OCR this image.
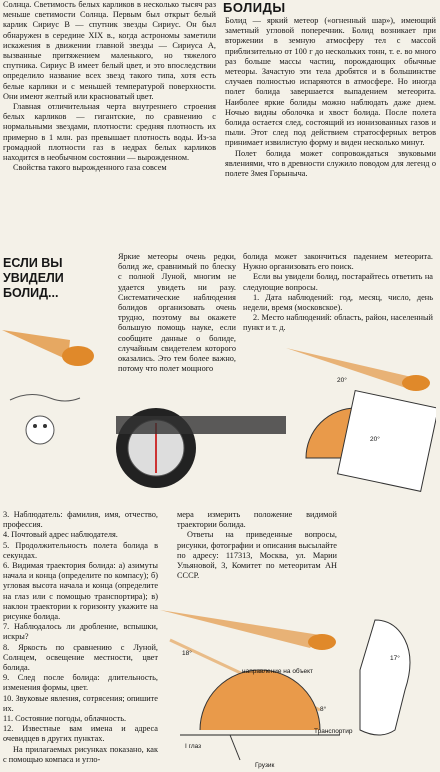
БОЛИДЫ

Солнца. Светимость белых карликов в несколько тысяч раз меньше светимости Солнца. Первым был открыт белый карлик Сириус В — спутник звезды Сириус. Он был обнаружен в середине XIX в., когда астрономы заметили искажения в движении главной звезды — Сириуса А, вызванные притяжением маленького, но тяжелого спутника. Сириус В имеет белый цвет, и это впоследствии определило название всех звезд такого типа, хотя есть белые карлики и с меньшей температурой поверхности. Они имеют желтый или красноватый цвет.

Главная отличительная черта внутреннего строения белых карликов — гигантские, по сравнению с нормальными звездами, плотности: средняя плотность их примерно в 1 млн. раз превышает плотность воды. Из-за громадной плотности газ в недрах белых карликов находится в необычном состоянии — вырожденном.

Свойства такого вырожденного газа совсем

Болид — яркий метеор («огненный шар»), имеющий заметный угловой поперечник. Болид возникает при вторжении в земную атмосферу тел с массой приблизительно от 100 г до нескольких тонн, т. е. во много раз больше массы частиц, порождающих обычные метеоры. Зачастую эти тела дробятся и в большинстве случаев полностью испаряются в атмосфере. Но иногда полет болида завершается выпадением метеорита. Наиболее яркие болиды можно наблюдать даже днем. Ночью видны оболочка и хвост болида. После полета болида остается след, состоящий из ионизованных газов и пыли. Этот след под действием стратосферных ветров принимает извилистую форму и виден несколько минут.

Полет болида может сопровождаться звуковыми явлениями, что в древности служило поводом для легенд о полете Змея Горыныча.

ЕСЛИ ВЫ
УВИДЕЛИ
БОЛИД...

Яркие метеоры очень редки, болид же, сравнимый по блеску с полной Луной, многим не удается увидеть ни разу. Систематические наблюдения болидов организовать очень трудно, поэтому вы окажете большую помощь науке, если сообщите данные о болиде, случайным свидетелем которого оказались. Это тем более важно, потому что полет мощного

болида может закончиться падением метеорита. Нужно организовать его поиск.

Если вы увидели болид, постарайтесь ответить на следующие вопросы.

1. Дата наблюдений: год, месяц, число, день недели, время (московское).

2. Место наблюдений: область, район, населенный пункт и т. д.

20°
20°

3. Наблюдатель: фамилия, имя, отчество, профессия.

4. Почтовый адрес наблюдателя.

5. Продолжительность полета болида в секундах.

6. Видимая траектория болида: а) азимуты начала и конца (определите по компасу); б) угловая высота начала и конца (определите на глаз или с помощью транспортира); в) наклон траектории к горизонту укажите на рисунке болида.

7. Наблюдалось ли дробление, вспышки, искры?

8. Яркость по сравнению с Луной, Солнцем, освещение местности, цвет болида.

9. След после болида: длительность, изменения формы, цвет.

10. Звуковые явления, сотрясения; опишите их.

11. Состояние погоды, облачность.

12. Известные вам имена и адреса очевидцев в других пунктах.

На прилагаемых рисунках показано, как с помощью компаса и угло-

мера измерить положение видимой траектории болида.

Ответы на приведенные вопросы, рисунки, фотографии и описания высылайте по адресу: 117313, Москва, ул. Марии Ульяновой, 3, Комитет по метеоритам АН СССР.

18°
17°
8°
направление на объект
Транспортир
I глаз
Грузик
